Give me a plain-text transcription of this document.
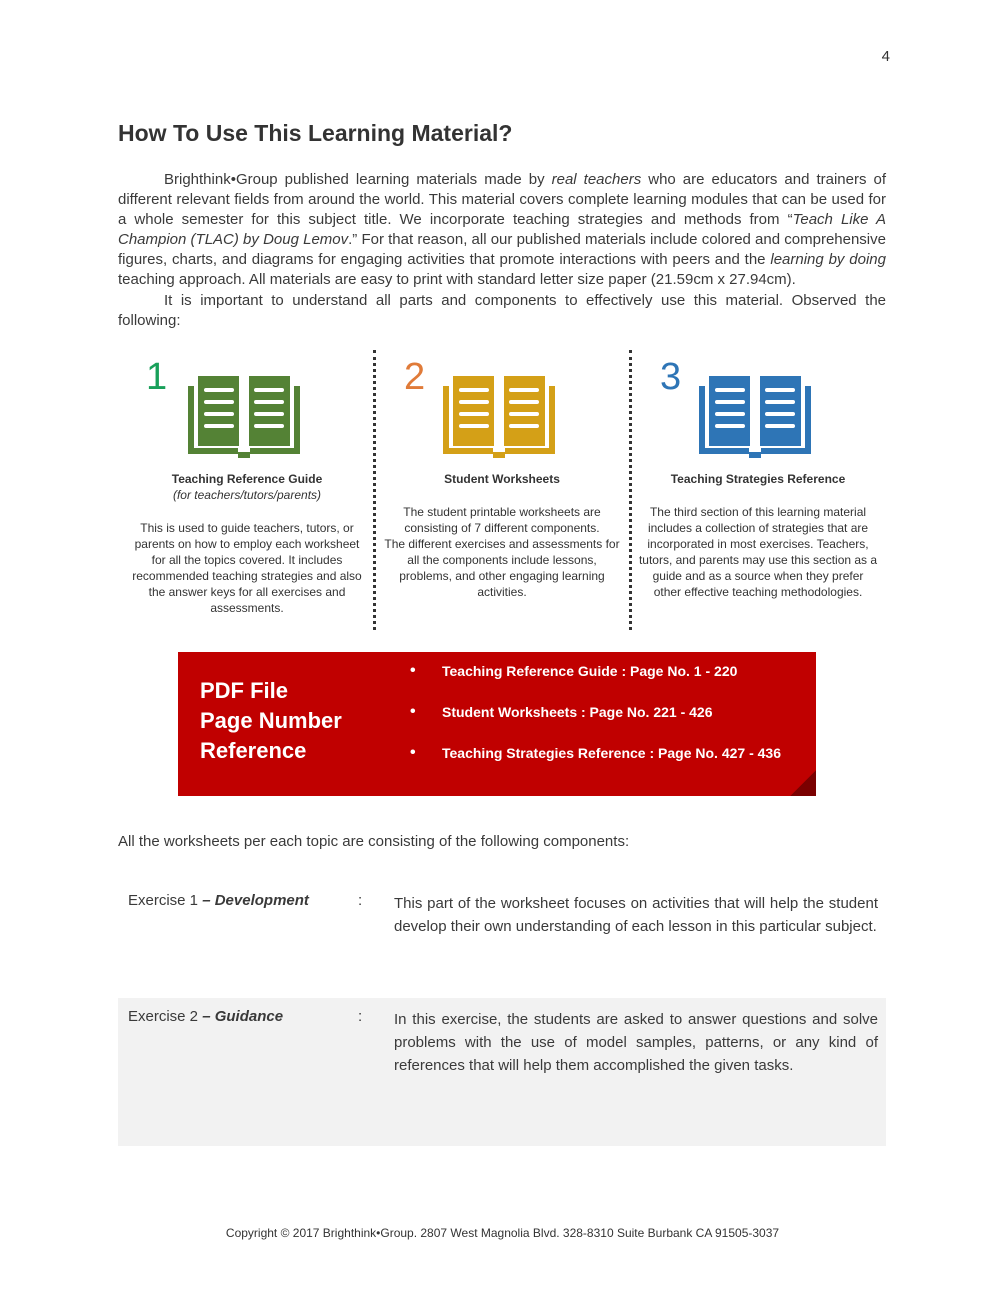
4
How To Use This Learning Material?

Brighthink•Group published learning materials made by real teachers who are educators and trainers of different relevant fields from around the world. This material covers complete learning modules that can be used for a whole semester for this subject title. We incorporate teaching strategies and methods from “Teach Like A Champion (TLAC) by Doug Lemov.” For that reason, all our published materials include colored and comprehensive figures, charts, and diagrams for engaging activities that promote interactions with peers and the learning by doing teaching approach. All materials are easy to print with standard letter size paper (21.59cm x 27.94cm).

It is important to understand all parts and components to effectively use this material. Observed the following:

1
Teaching Reference Guide
(for teachers/tutors/parents)
This is used to guide teachers, tutors, or
parents on how to employ each worksheet
for all the topics covered. It includes
recommended teaching strategies and also
the answer keys for all exercises and
assessments.
2
Student Worksheets
The student printable worksheets are
consisting of 7 different components.
The different exercises and assessments for
all the components include lessons,
problems, and other engaging learning
activities.
3
Teaching Strategies Reference
The third section of this learning material
includes a collection of strategies that are
incorporated in most exercises. Teachers,
tutors, and parents may use this section as a
guide and as a source when they prefer
other effective teaching methodologies.
PDF File
Page Number
Reference
• Teaching Reference Guide : Page No. 1 - 220
• Student Worksheets : Page No. 221 - 426
• Teaching Strategies Reference : Page No. 427 - 436
All the worksheets per each topic are consisting of the following components:
Exercise 1 – Development	: This part of the worksheet focuses on activities that will help the student develop their own understanding of each lesson in this particular subject.
Exercise 2 – Guidance	: In this exercise, the students are asked to answer questions and solve problems with the use of model samples, patterns, or any kind of references that will help them accomplished the given tasks.
Copyright © 2017 Brighthink•Group. 2807 West Magnolia Blvd. 328-8310 Suite Burbank CA 91505-3037
